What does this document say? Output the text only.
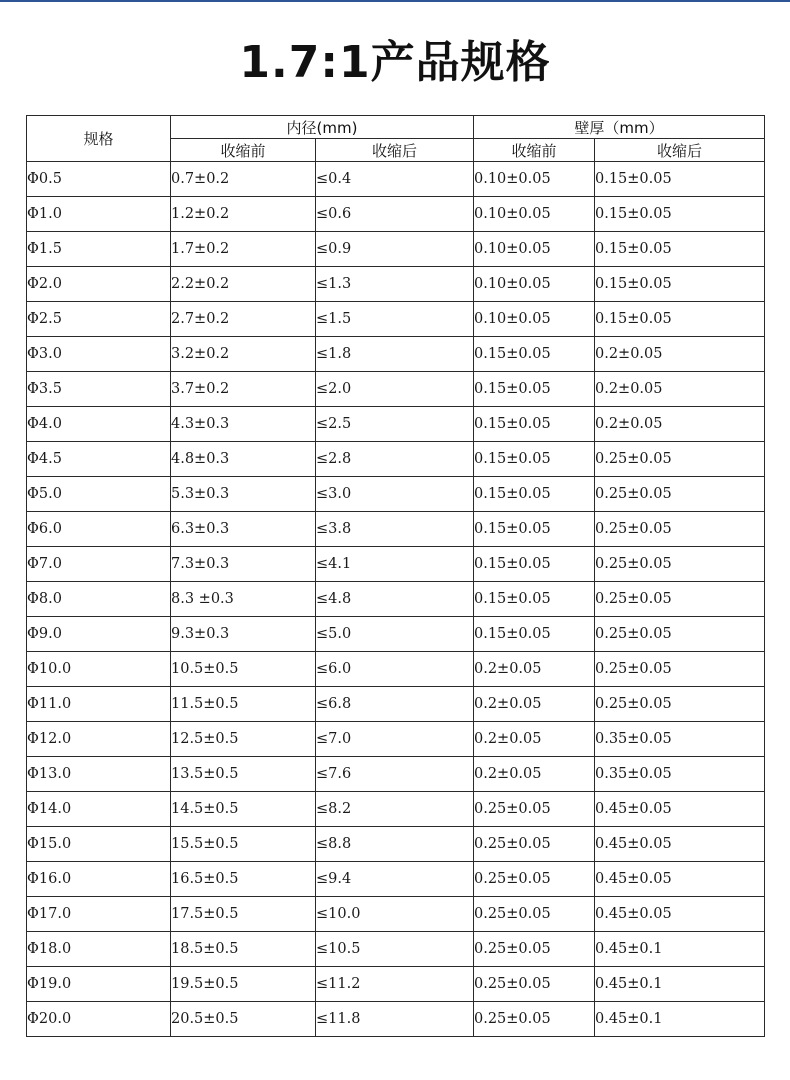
1.7:1产品规格
规格	内径(mm)		壁厚（mm）	
	收缩前	收缩后	收缩前	收缩后
Φ0.5	0.7±0.2	≤0.4	0.10±0.05	0.15±0.05
Φ1.0	1.2±0.2	≤0.6	0.10±0.05	0.15±0.05
Φ1.5	1.7±0.2	≤0.9	0.10±0.05	0.15±0.05
Φ2.0	2.2±0.2	≤1.3	0.10±0.05	0.15±0.05
Φ2.5	2.7±0.2	≤1.5	0.10±0.05	0.15±0.05
Φ3.0	3.2±0.2	≤1.8	0.15±0.05	0.2±0.05
Φ3.5	3.7±0.2	≤2.0	0.15±0.05	0.2±0.05
Φ4.0	4.3±0.3	≤2.5	0.15±0.05	0.2±0.05
Φ4.5	4.8±0.3	≤2.8	0.15±0.05	0.25±0.05
Φ5.0	5.3±0.3	≤3.0	0.15±0.05	0.25±0.05
Φ6.0	6.3±0.3	≤3.8	0.15±0.05	0.25±0.05
Φ7.0	7.3±0.3	≤4.1	0.15±0.05	0.25±0.05
Φ8.0	8.3 ±0.3	≤4.8	0.15±0.05	0.25±0.05
Φ9.0	9.3±0.3	≤5.0	0.15±0.05	0.25±0.05
Φ10.0	10.5±0.5	≤6.0	0.2±0.05	0.25±0.05
Φ11.0	11.5±0.5	≤6.8	0.2±0.05	0.25±0.05
Φ12.0	12.5±0.5	≤7.0	0.2±0.05	0.35±0.05
Φ13.0	13.5±0.5	≤7.6	0.2±0.05	0.35±0.05
Φ14.0	14.5±0.5	≤8.2	0.25±0.05	0.45±0.05
Φ15.0	15.5±0.5	≤8.8	0.25±0.05	0.45±0.05
Φ16.0	16.5±0.5	≤9.4	0.25±0.05	0.45±0.05
Φ17.0	17.5±0.5	≤10.0	0.25±0.05	0.45±0.05
Φ18.0	18.5±0.5	≤10.5	0.25±0.05	0.45±0.1
Φ19.0	19.5±0.5	≤11.2	0.25±0.05	0.45±0.1
Φ20.0	20.5±0.5	≤11.8	0.25±0.05	0.45±0.1
